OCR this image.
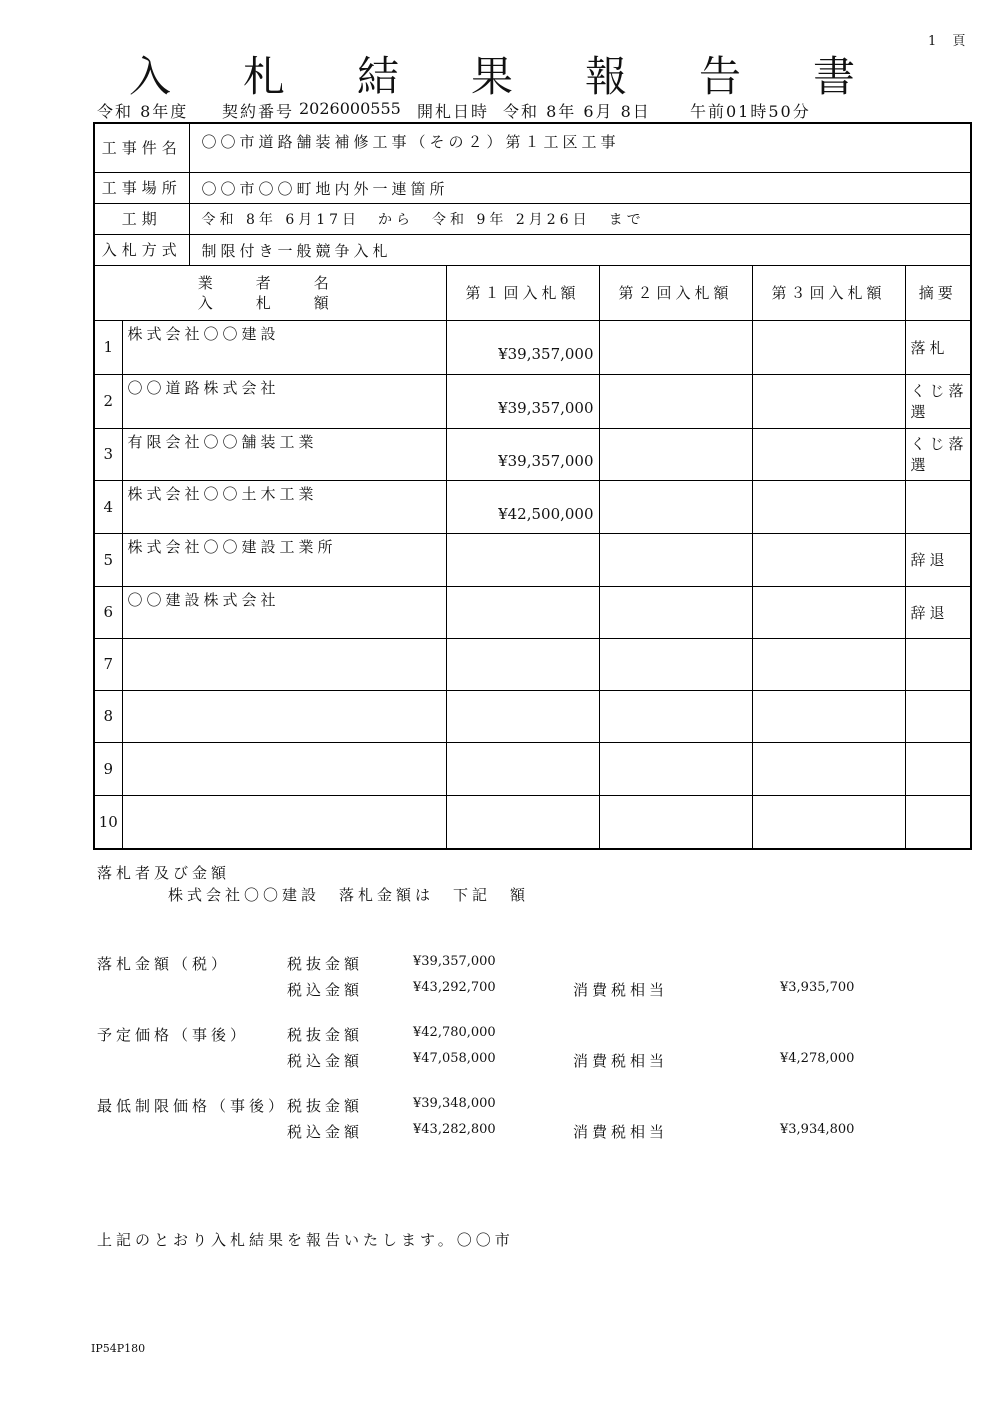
1 頁
入　札　結　果　報　告　書
令和 8年度 契約番号 2026000555 開札日時 令和 8年 6月 8日 午前01時50分
工事件名		〇〇市道路舗装補修工事（その２）第１工区工事				
工事場所		〇〇市〇〇町地内外一連箇所				
工期		令和 8年 6月17日　から　令和 9年 2月26日　まで				
入札方式		制限付き一般競争入札				

業　者　名
入　札　額			第１回入札額	第２回入札額	第３回入札額	摘要
1	株式会社〇〇建設		¥39,357,000			落札
2	〇〇道路株式会社		¥39,357,000			くじ落選
3	有限会社〇〇舗装工業		¥39,357,000			くじ落選
4	株式会社〇〇土木工業		¥42,500,000			
5	株式会社〇〇建設工業所					辞退
6	〇〇建設株式会社					辞退
7						
8						
9						
10						
落札者及び金額
株式会社〇〇建設　落札金額は　下記　額
落札金額（税）	税抜金額	¥39,357,000
税込金額	¥43,292,700	消費税相当	¥3,935,700
予定価格（事後）	税抜金額	¥42,780,000
税込金額	¥47,058,000	消費税相当	¥4,278,000
最低制限価格（事後） 税抜金額	¥39,348,000
税込金額	¥43,282,800	消費税相当	¥3,934,800
上記のとおり入札結果を報告いたします。〇〇市
IP54P180
